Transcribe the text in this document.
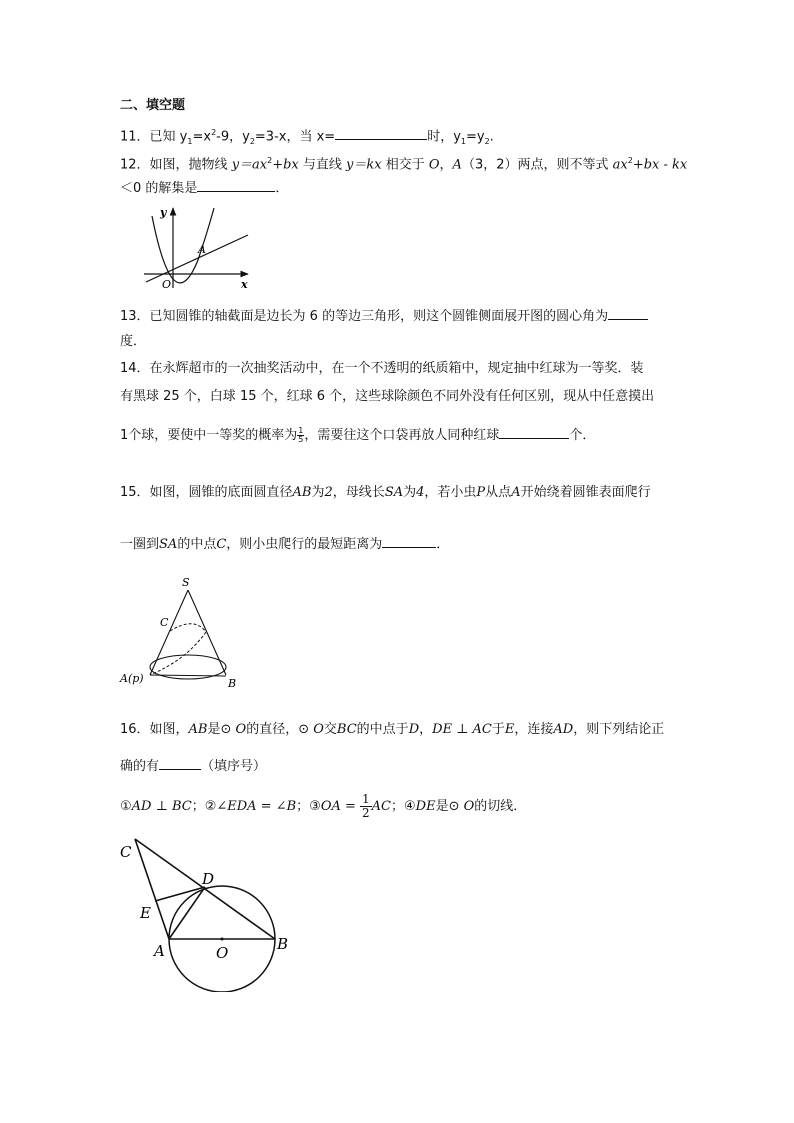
二、填空题
11．已知 $y_1=x^2-9$，$y_2=3-x$，当 x=	时，$y_1=y_2$.
12．如图，抛物线 $y=ax^2+bx$ 与直线 y＝kx 相交于 O，A（3，2）两点，则不等式 $ax^2+bx$ - kx
＜0 的解集是	．
y
x
O
A
13．已知圆锥的轴截面是边长为 6 的等边三角形，则这个圆锥侧面展开图的圆心角为
度．
14．在永辉超市的一次抽奖活动中，在一个不透明的纸质箱中，规定抽中红球为一等奖．装
有黑球 25 个，白球 15 个，红球 6 个，这些球除颜色不同外没有任何区别，现从中任意摸出
1个球，要使中一等奖的概率为 $\frac{1}{5}$ ，需要往这个口袋再放人同种红球	个．
15．如图，圆锥的底面圆直径AB为2，母线长SA为4，若小虫P从点A开始绕着圆锥表面爬行
一圈到SA的中点C，则小虫爬行的最短距离为	．
S
C
A(p)	B
16．如图，AB是⊙ O的直径，⊙ O交BC的中点于D，DE ⊥ AC于E，连接AD，则下列结论正
确的有	（填序号）
①AD ⊥ BC；②∠EDA = ∠B；③OA = $\frac{1}{2}$ AC；④DE是⊙ O的切线．
C
D
E
A	O	B
